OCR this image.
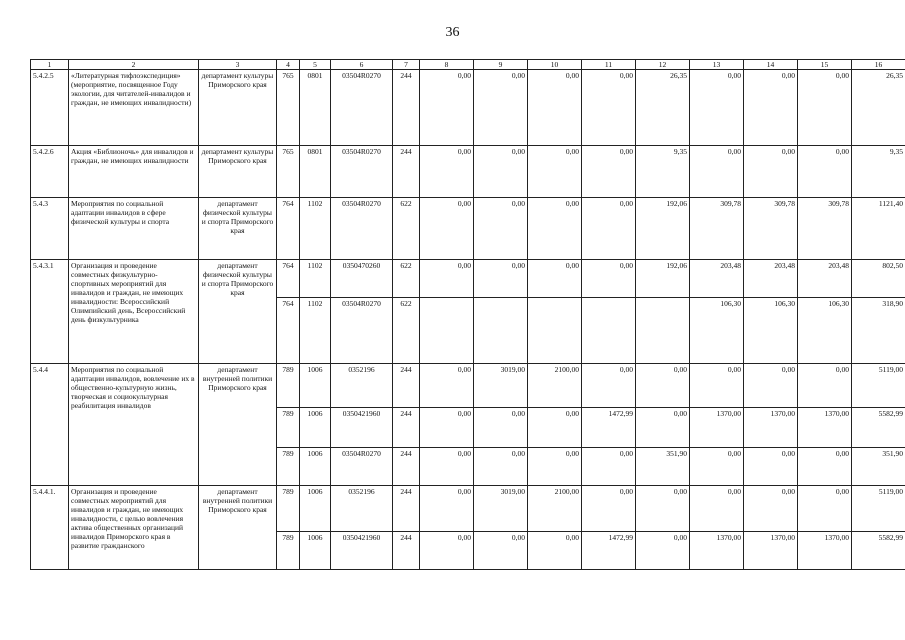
36
1	2	3	4	5	6	7	8	9	10	11	12	13	14	15	16
5.4.2.5	«Литературная тифлоэкспедиция» (мероприятие, посвященное Году экологии, для читателей-инвалидов и граждан, не имеющих инвалидности)	департамент культуры Приморского края	765	0801	03504R0270	244	0,00	0,00	0,00	0,00	26,35	0,00	0,00	0,00	26,35
5.4.2.6	Акция «Библионочь» для инвалидов и граждан, не имеющих инвалидности	департамент культуры Приморского края	765	0801	03504R0270	244	0,00	0,00	0,00	0,00	9,35	0,00	0,00	0,00	9,35
5.4.3	Мероприятия по социальной адаптации инвалидов в сфере физической культуры и спорта	департамент физической культуры и спорта Приморского края	764	1102	03504R0270	622	0,00	0,00	0,00	0,00	192,06	309,78	309,78	309,78	1121,40
5.4.3.1	Организация и проведение совместных физкультурно-спортивных мероприятий для инвалидов и граждан, не имеющих инвалидности: Всероссийский Олимпийский день, Всероссийский день физкультурника	департамент физической культуры и спорта Приморского края	764	1102	0350470260	622	0,00	0,00	0,00	0,00	192,06	203,48	203,48	203,48	802,50
			764	1102	03504R0270	622						106,30	106,30	106,30	318,90
5.4.4	Мероприятия по социальной адаптации инвалидов, вовлечение их в общественно-культурную жизнь, творческая и социокультурная реабилитация инвалидов	департамент внутренней политики Приморского края	789	1006	0352196	244	0,00	3019,00	2100,00	0,00	0,00	0,00	0,00	0,00	5119,00
			789	1006	0350421960	244	0,00	0,00	0,00	1472,99	0,00	1370,00	1370,00	1370,00	5582,99
			789	1006	03504R0270	244	0,00	0,00	0,00	0,00	351,90	0,00	0,00	0,00	351,90
5.4.4.1.	Организация и проведение совместных мероприятий для инвалидов и граждан, не имеющих инвалидности, с целью вовлечения актива общественных организаций инвалидов Приморского края в развитие гражданского	департамент внутренней политики Приморского края	789	1006	0352196	244	0,00	3019,00	2100,00	0,00	0,00	0,00	0,00	0,00	5119,00
			789	1006	0350421960	244	0,00	0,00	0,00	1472,99	0,00	1370,00	1370,00	1370,00	5582,99
